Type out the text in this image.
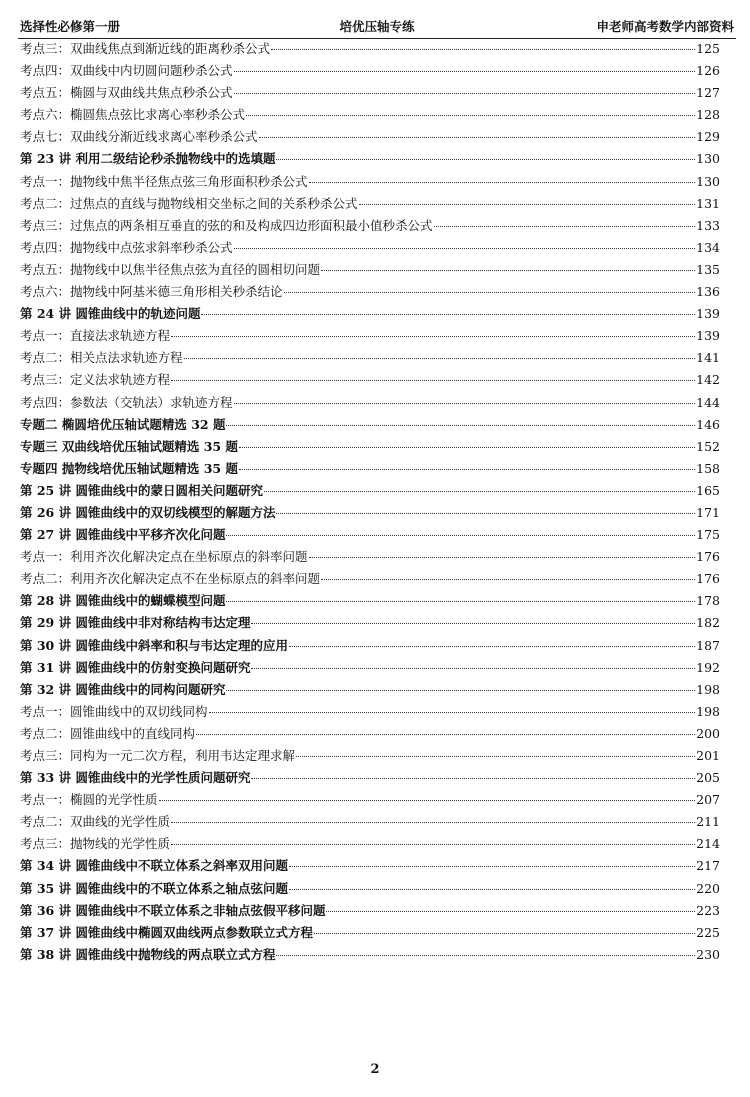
选择性必修第一册	培优压轴专练	申老师高考数学内部资料
考点三：双曲线焦点到渐近线的距离秒杀公式	125
考点四：双曲线中内切圆问题秒杀公式	126
考点五：椭圆与双曲线共焦点秒杀公式	127
考点六：椭圆焦点弦比求离心率秒杀公式	128
考点七：双曲线分渐近线求离心率秒杀公式	129
第 23 讲 利用二级结论秒杀抛物线中的选填题	130
考点一：抛物线中焦半径焦点弦三角形面积秒杀公式	130
考点二：过焦点的直线与抛物线相交坐标之间的关系秒杀公式	131
考点三：过焦点的两条相互垂直的弦的和及构成四边形面积最小值秒杀公式	133
考点四：抛物线中点弦求斜率秒杀公式	134
考点五：抛物线中以焦半径焦点弦为直径的圆相切问题	135
考点六：抛物线中阿基米德三角形相关秒杀结论	136
第 24 讲 圆锥曲线中的轨迹问题	139
考点一：直接法求轨迹方程	139
考点二：相关点法求轨迹方程	141
考点三：定义法求轨迹方程	142
考点四：参数法（交轨法）求轨迹方程	144
专题二 椭圆培优压轴试题精选 32 题	146
专题三 双曲线培优压轴试题精选 35 题	152
专题四 抛物线培优压轴试题精选 35 题	158
第 25 讲 圆锥曲线中的蒙日圆相关问题研究	165
第 26 讲 圆锥曲线中的双切线模型的解题方法	171
第 27 讲 圆锥曲线中平移齐次化问题	175
考点一：利用齐次化解决定点在坐标原点的斜率问题	176
考点二：利用齐次化解决定点不在坐标原点的斜率问题	176
第 28 讲 圆锥曲线中的蝴蝶模型问题	178
第 29 讲 圆锥曲线中非对称结构韦达定理	182
第 30 讲 圆锥曲线中斜率和积与韦达定理的应用	187
第 31 讲 圆锥曲线中的仿射变换问题研究	192
第 32 讲 圆锥曲线中的同构问题研究	198
考点一：圆锥曲线中的双切线同构	198
考点二：圆锥曲线中的直线同构	200
考点三：同构为一元二次方程，利用韦达定理求解	201
第 33 讲 圆锥曲线中的光学性质问题研究	205
考点一：椭圆的光学性质	207
考点二：双曲线的光学性质	211
考点三：抛物线的光学性质	214
第 34 讲 圆锥曲线中不联立体系之斜率双用问题	217
第 35 讲 圆锥曲线中的不联立体系之轴点弦问题	220
第 36 讲 圆锥曲线中不联立体系之非轴点弦假平移问题	223
第 37 讲 圆锥曲线中椭圆双曲线两点参数联立式方程	225
第 38 讲 圆锥曲线中抛物线的两点联立式方程	230
2
